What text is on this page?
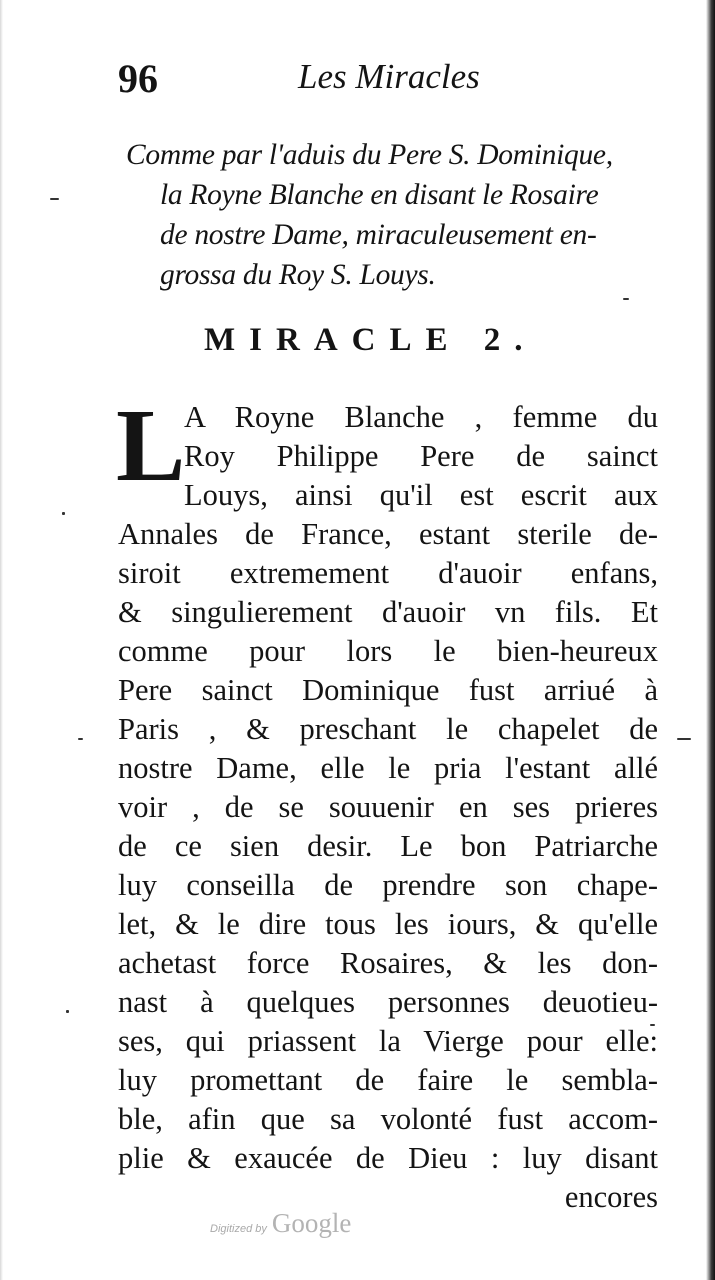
96	Les Miracles
Comme par l'aduis du Pere S. Dominique,
la Royne Blanche en disant le Rosaire
de nostre Dame, miraculeusement en-
grossa du Roy S. Louys.
MIRACLE 2.
L
A Royne Blanche , femme du
Roy Philippe Pere de sainct
Louys, ainsi qu'il est escrit aux
Annales de France, estant sterile de-
siroit extremement d'auoir enfans,
& singulierement d'auoir vn fils. Et
comme pour lors le bien-heureux
Pere sainct Dominique fust arriué à
Paris , & preschant le chapelet de
nostre Dame, elle le pria l'estant allé
voir , de se souuenir en ses prieres
de ce sien desir. Le bon Patriarche
luy conseilla de prendre son chape-
let, & le dire tous les iours, & qu'elle
achetast force Rosaires, & les don-
nast à quelques personnes deuotieu-
ses, qui priassent la Vierge pour elle:
luy promettant de faire le sembla-
ble, afin que sa volonté fust accom-
plie & exaucée de Dieu : luy disant
encores
Digitized by Google
